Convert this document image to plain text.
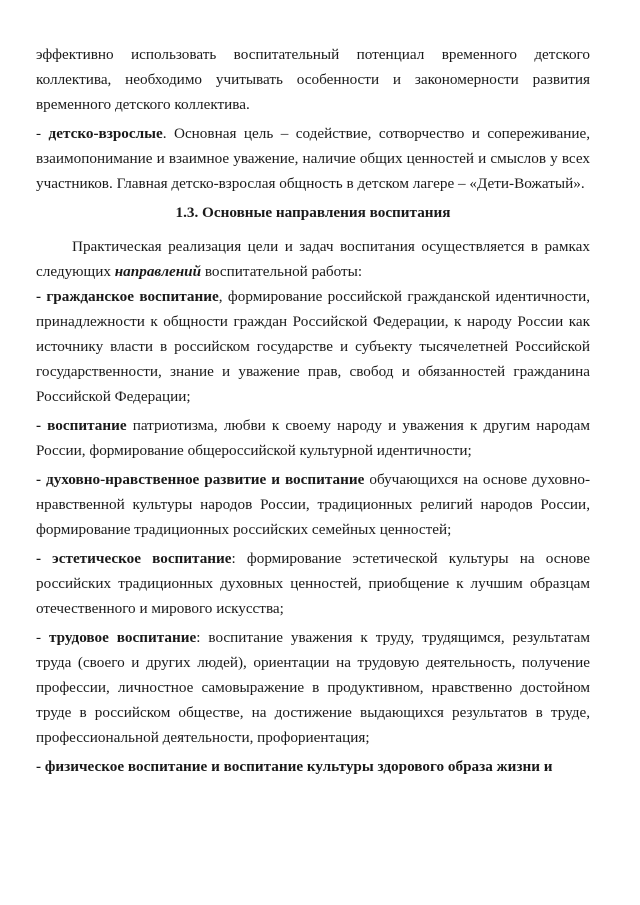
эффективно использовать воспитательный потенциал временного детского коллектива, необходимо учитывать особенности и закономерности развития временного детского коллектива.

- детско-взрослые. Основная цель – содействие, сотворчество и сопереживание, взаимопонимание и взаимное уважение, наличие общих ценностей и смыслов у всех участников. Главная детско-взрослая общность в детском лагере – «Дети-Вожатый».

1.3. Основные направления воспитания

Практическая реализация цели и задач воспитания осуществляется в рамках следующих направлений воспитательной работы:

- гражданское воспитание, формирование российской гражданской идентичности, принадлежности к общности граждан Российской Федерации, к народу России как источнику власти в российском государстве и субъекту тысячелетней Российской государственности, знание и уважение прав, свобод и обязанностей гражданина Российской Федерации;

- воспитание патриотизма, любви к своему народу и уважения к другим народам России, формирование общероссийской культурной идентичности;

- духовно-нравственное развитие и воспитание обучающихся на основе духовно-нравственной культуры народов России, традиционных религий народов России, формирование традиционных российских семейных ценностей;

- эстетическое воспитание: формирование эстетической культуры на основе российских традиционных духовных ценностей, приобщение к лучшим образцам отечественного и мирового искусства;

- трудовое воспитание: воспитание уважения к труду, трудящимся, результатам труда (своего и других людей), ориентации на трудовую деятельность, получение профессии, личностное самовыражение в продуктивном, нравственно достойном труде в российском обществе, на достижение выдающихся результатов в труде, профессиональной деятельности, профориентация;

- физическое воспитание и воспитание культуры здорового образа жизни и
